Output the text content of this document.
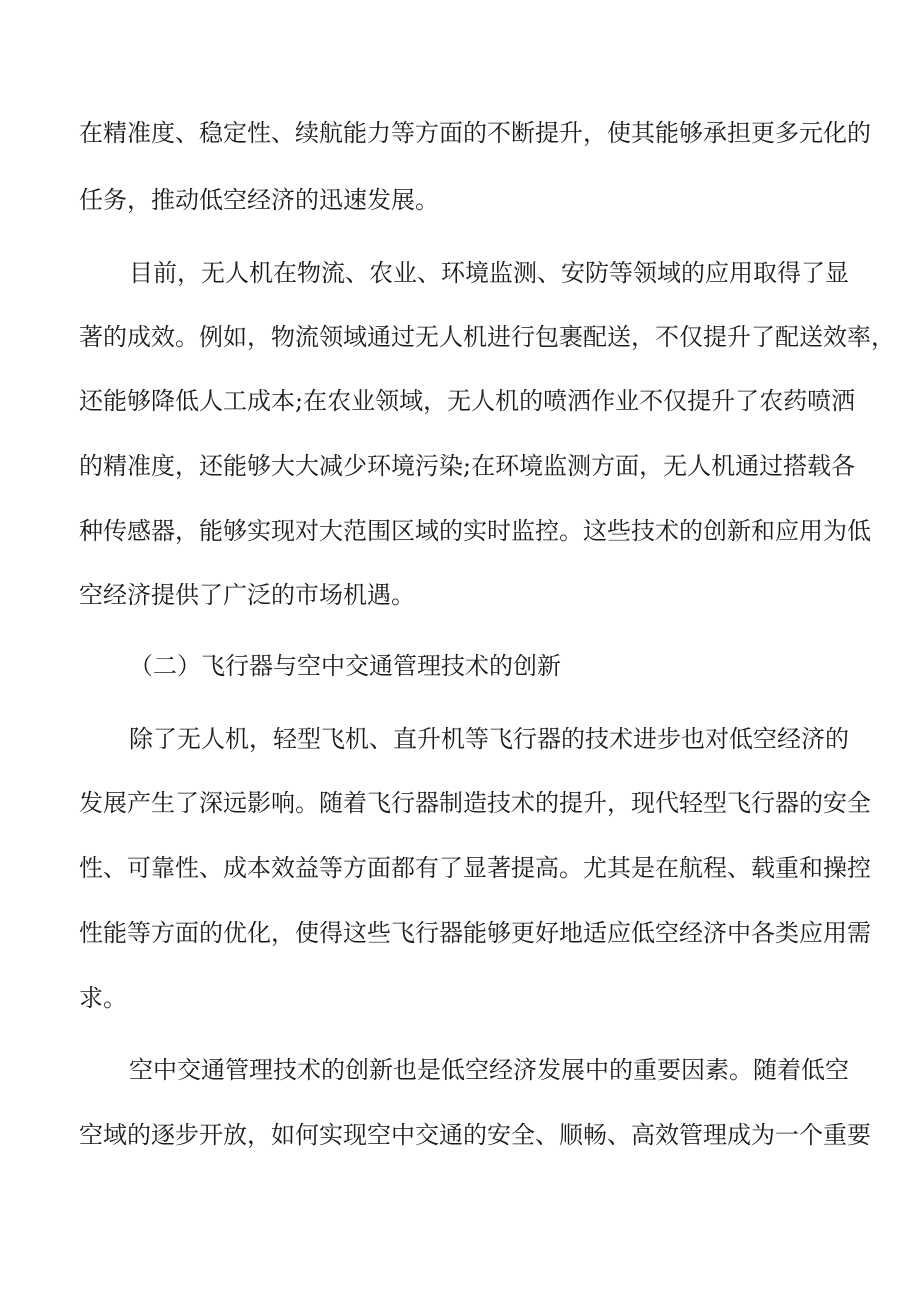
在精准度、稳定性、续航能力等方面的不断提升，使其能够承担更多元化的
任务，推动低空经济的迅速发展。
目前，无人机在物流、农业、环境监测、安防等领域的应用取得了显
著的成效。例如，物流领域通过无人机进行包裹配送，不仅提升了配送效率，
还能够降低人工成本;在农业领域，无人机的喷洒作业不仅提升了农药喷洒
的精准度，还能够大大减少环境污染;在环境监测方面，无人机通过搭载各
种传感器，能够实现对大范围区域的实时监控。这些技术的创新和应用为低
空经济提供了广泛的市场机遇。
（二）飞行器与空中交通管理技术的创新
除了无人机，轻型飞机、直升机等飞行器的技术进步也对低空经济的
发展产生了深远影响。随着飞行器制造技术的提升，现代轻型飞行器的安全
性、可靠性、成本效益等方面都有了显著提高。尤其是在航程、载重和操控
性能等方面的优化，使得这些飞行器能够更好地适应低空经济中各类应用需
求。
空中交通管理技术的创新也是低空经济发展中的重要因素。随着低空
空域的逐步开放，如何实现空中交通的安全、顺畅、高效管理成为一个重要
